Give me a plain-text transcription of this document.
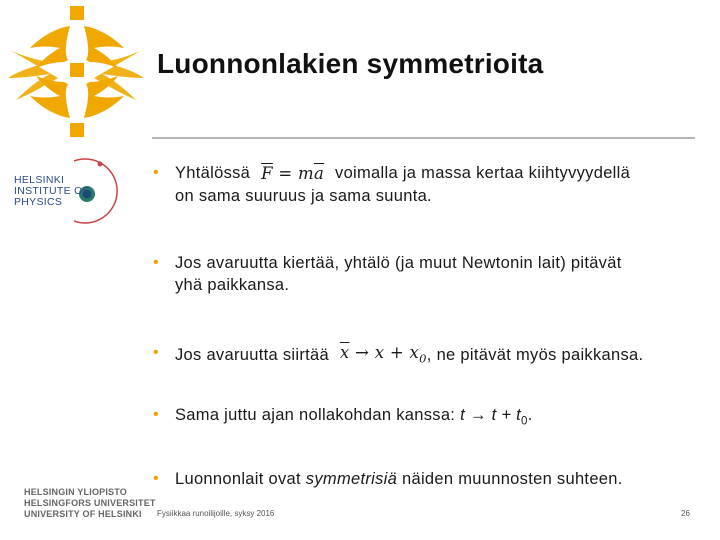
HELSINKI
INSTITUTE OF
PHYSICS
Luonnonlakien symmetrioita
• Yhtälössä $\overline{F} = m\overline{a}$ voimalla ja massa kertaa kiihtyvyydellä
on sama suuruus ja sama suunta.
• Jos avaruutta kiertää, yhtälö (ja muut Newtonin lait) pitävät
yhä paikkansa.
• Jos avaruutta siirtää $\overline{x} \to x + x_0$, ne pitävät myös paikkansa.
• Sama juttu ajan nollakohdan kanssa: $t \to t + t_0$.
• Luonnonlait ovat symmetrisiä näiden muunnosten suhteen.
HELSINGIN YLIOPISTO
HELSINGFORS UNIVERSITET
UNIVERSITY OF HELSINKI	Fysiikkaa runoilijoille, syksy 2016	26
